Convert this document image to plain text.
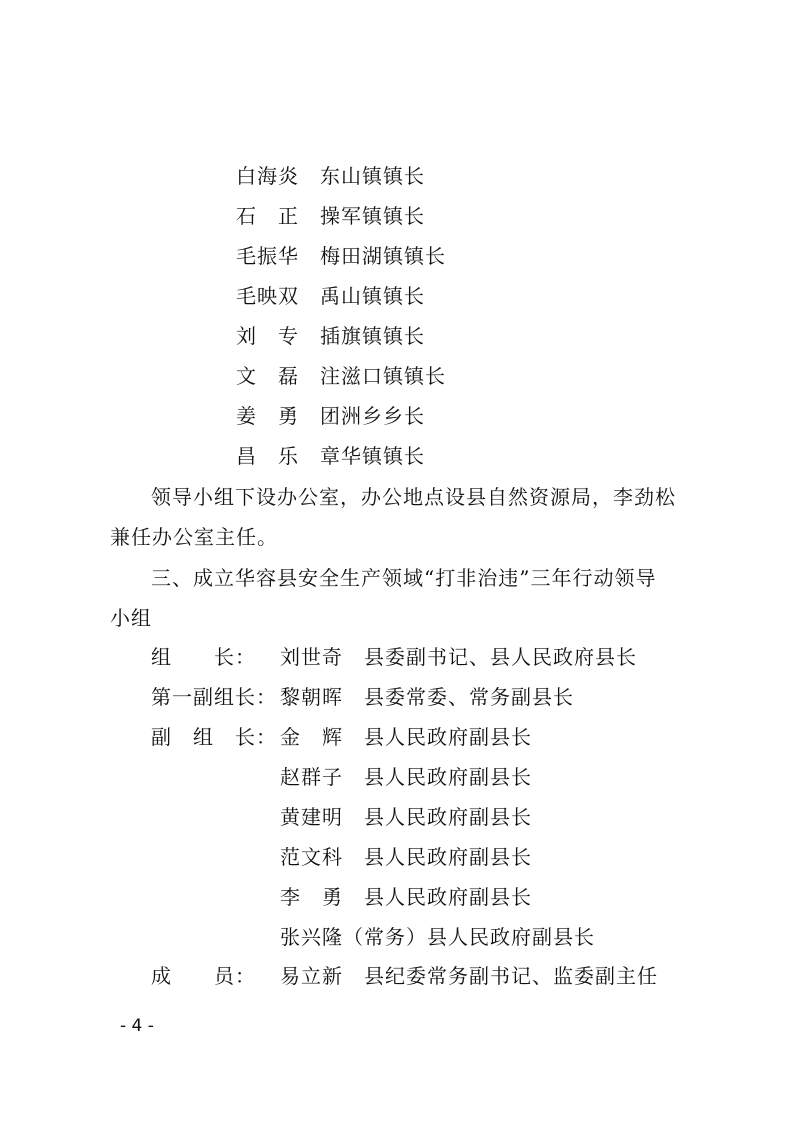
白海炎　 东山镇镇长
石　正　 操军镇镇长
毛振华　 梅田湖镇镇长
毛映双　 禹山镇镇长
刘　专　 插旗镇镇长
文　磊　 注滋口镇镇长
姜　勇　 团洲乡乡长
昌　乐　 章华镇镇长
领导小组下设办公室，办公地点设县自然资源局，李劲松
兼任办公室主任。
三、成立华容县安全生产领域“打非治违”三年行动领导
小组
组　　长： 刘世奇　 县委副书记、县人民政府县长
第一副组长： 黎朝晖　 县委常委、常务副县长
副　组　长： 金　辉　 县人民政府副县长
赵群子　 县人民政府副县长
黄建明　 县人民政府副县长
范文科　 县人民政府副县长
李　勇　 县人民政府副县长
张兴隆（常务）县人民政府副县长
成　　员： 易立新　 县纪委常务副书记、监委副主任
- 4 -
